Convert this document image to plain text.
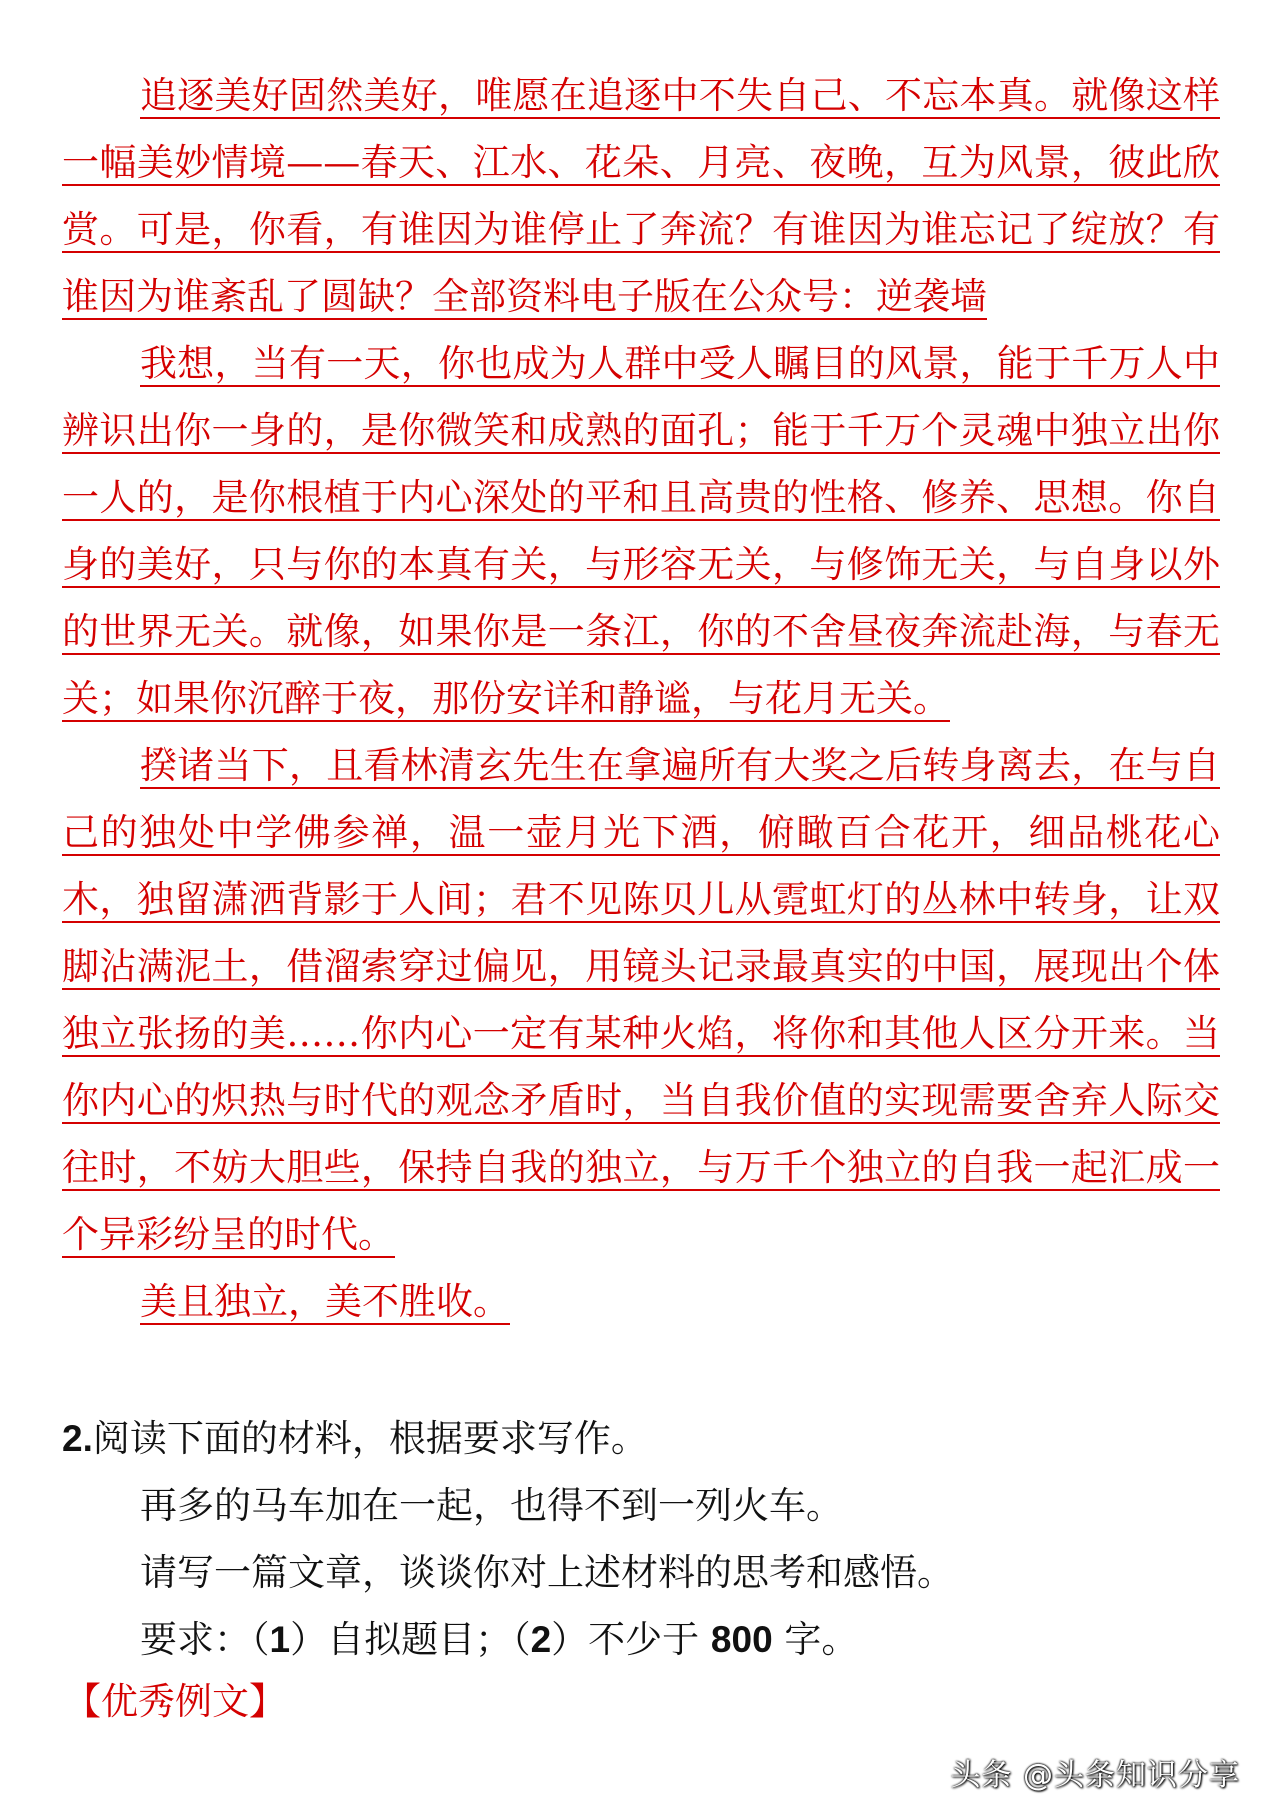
追逐美好固然美好，唯愿在追逐中不失自己、不忘本真。就像这样一幅美妙情境——春天、江水、花朵、月亮、夜晚，互为风景，彼此欣赏。可是，你看，有谁因为谁停止了奔流？有谁因为谁忘记了绽放？有谁因为谁紊乱了圆缺？全部资料电子版在公众号：逆袭墙

我想，当有一天，你也成为人群中受人瞩目的风景，能于千万人中辨识出你一身的，是你微笑和成熟的面孔；能于千万个灵魂中独立出你一人的，是你根植于内心深处的平和且高贵的性格、修养、思想。你自身的美好，只与你的本真有关，与形容无关，与修饰无关，与自身以外的世界无关。就像，如果你是一条江，你的不舍昼夜奔流赴海，与春无关；如果你沉醉于夜，那份安详和静谧，与花月无关。

揆诸当下，且看林清玄先生在拿遍所有大奖之后转身离去，在与自己的独处中学佛参禅，温一壶月光下酒，俯瞰百合花开，细品桃花心木，独留潇洒背影于人间；君不见陈贝儿从霓虹灯的丛林中转身，让双脚沾满泥土，借溜索穿过偏见，用镜头记录最真实的中国，展现出个体独立张扬的美……你内心一定有某种火焰，将你和其他人区分开来。当你内心的炽热与时代的观念矛盾时，当自我价值的实现需要舍弃人际交往时，不妨大胆些，保持自我的独立，与万千个独立的自我一起汇成一个异彩纷呈的时代。

美且独立，美不胜收。

2.阅读下面的材料，根据要求写作。

再多的马车加在一起，也得不到一列火车。

请写一篇文章，谈谈你对上述材料的思考和感悟。

要求：（1）自拟题目；（2）不少于 800 字。

【优秀例文】
头条 @头条知识分享
